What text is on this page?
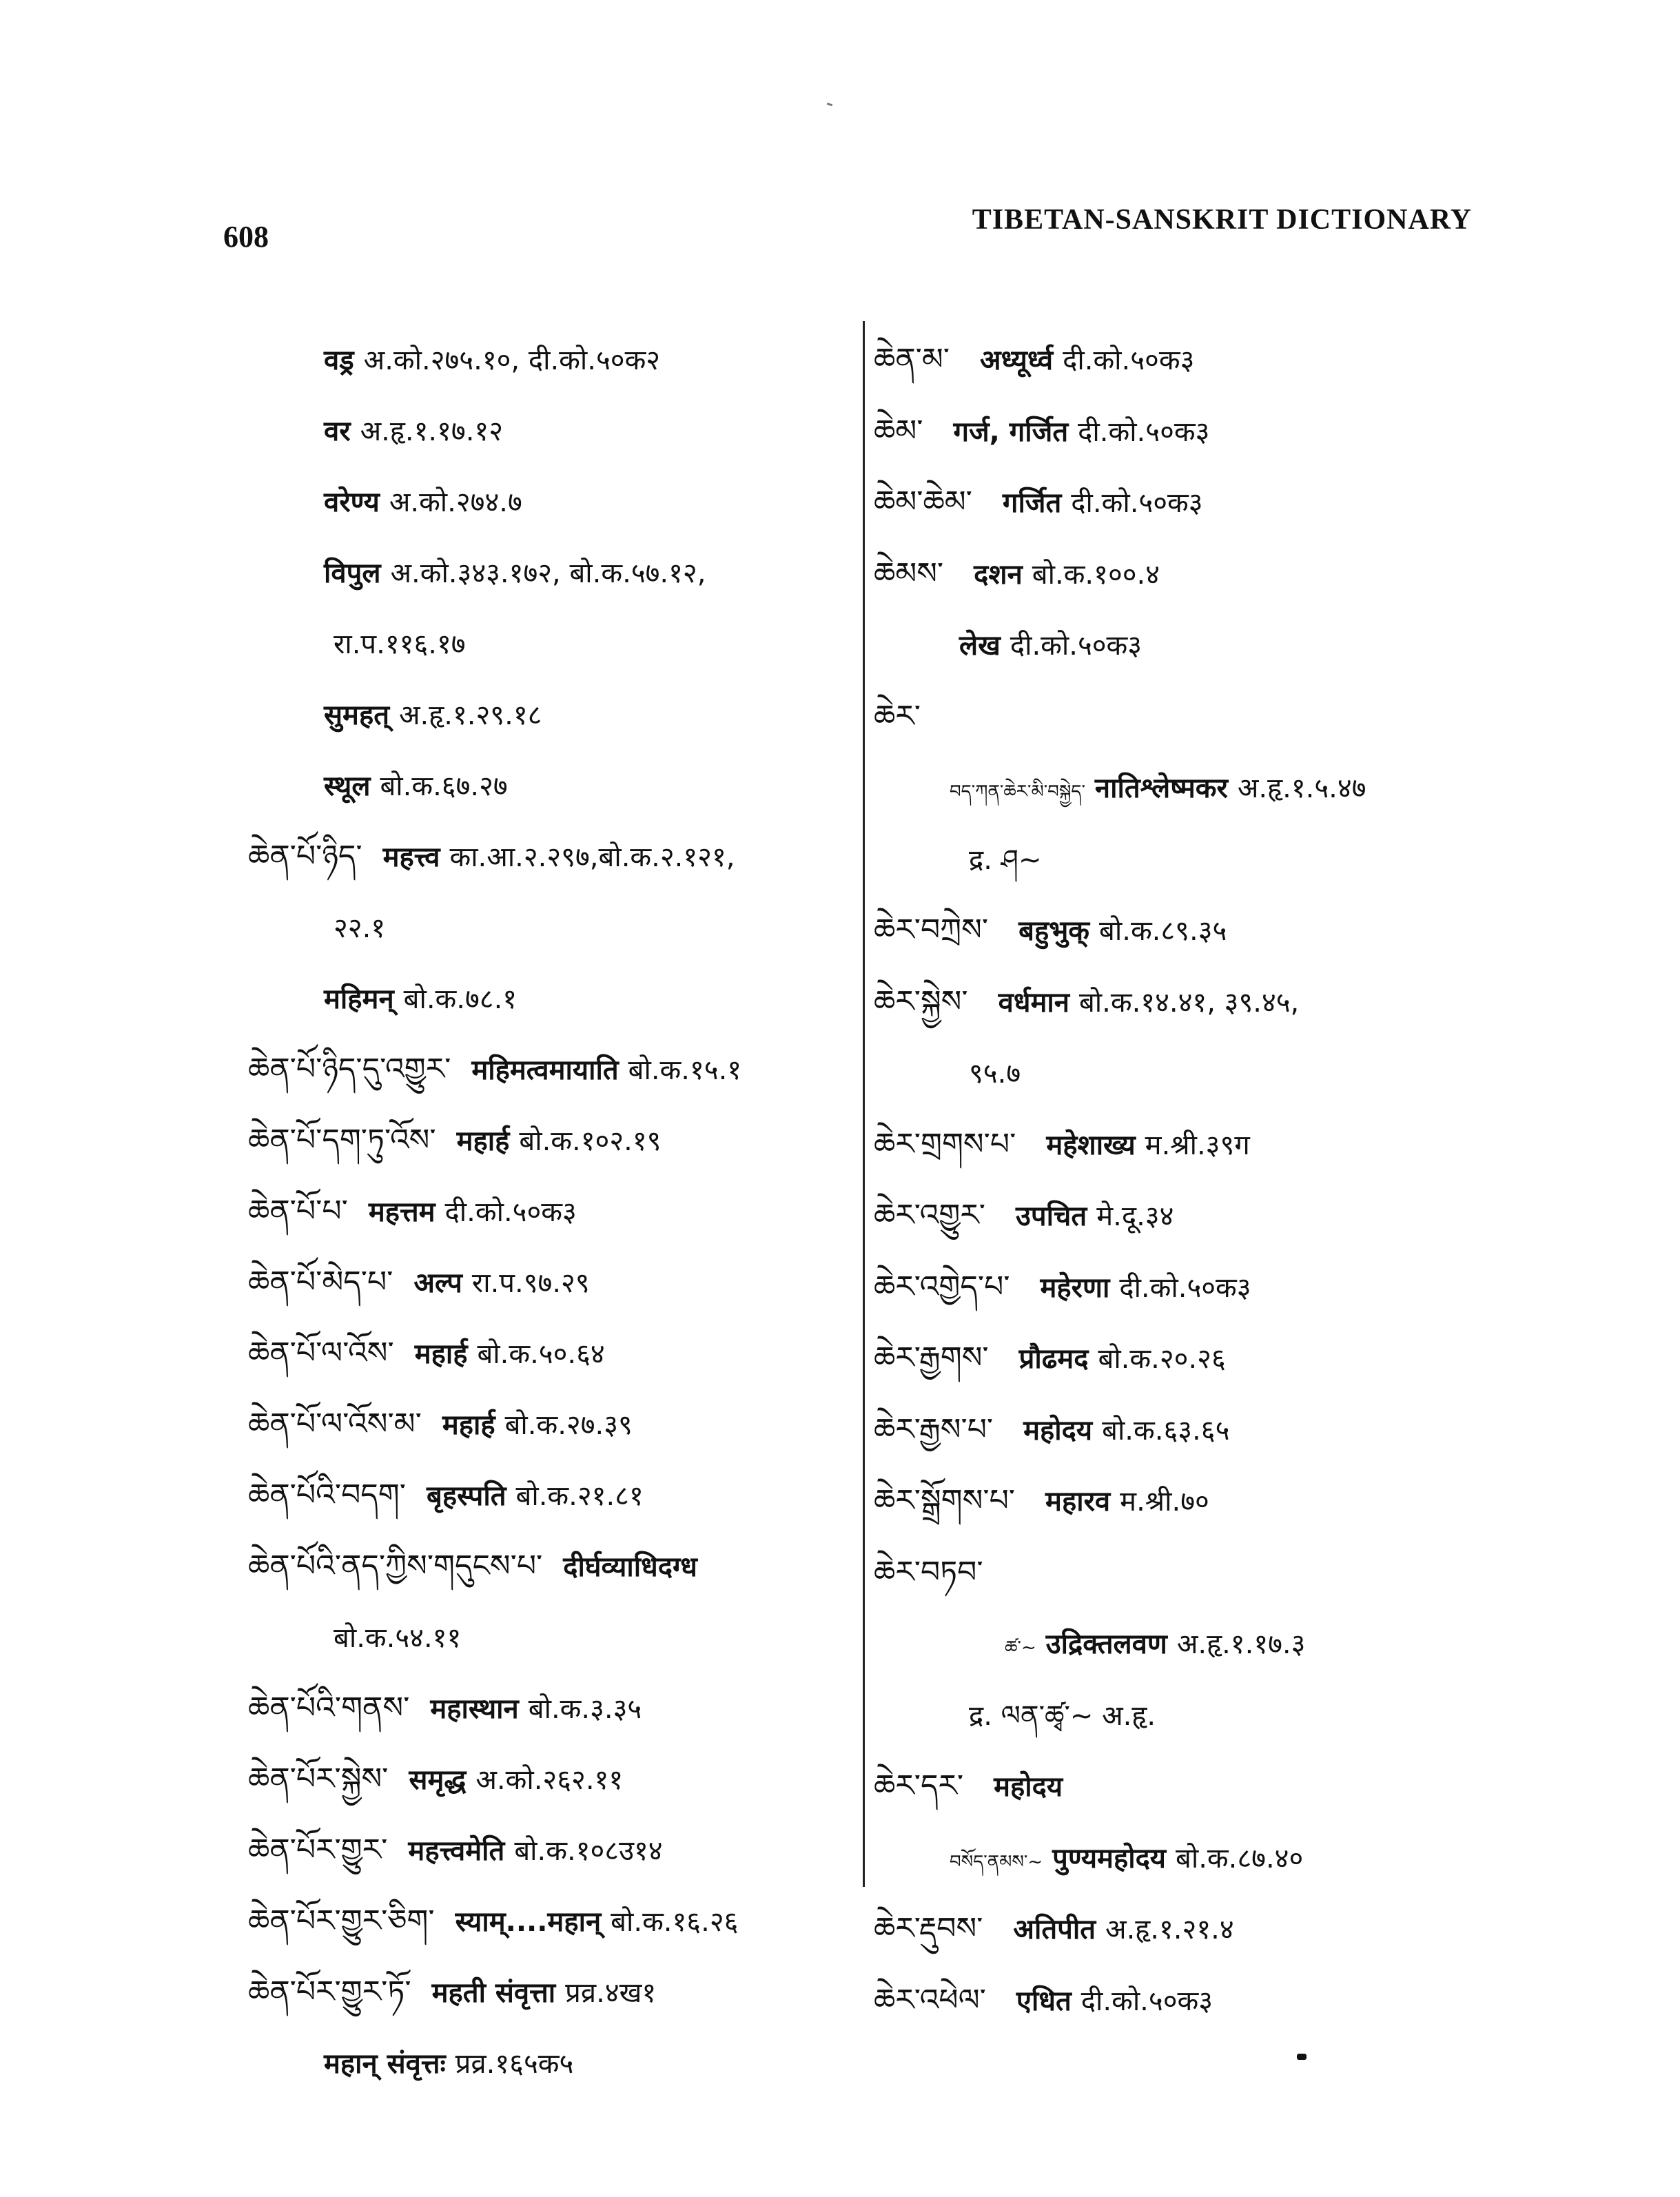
608	TIBETAN-SANSKRIT DICTIONARY
वड्र अ.को.२७५.१०, दी.को.५०क२
वर अ.हृ.१.१७.१२
वरेण्य अ.को.२७४.७
विपुल अ.को.३४३.१७२, बो.क.५७.१२,
रा.प.११६.१७
सुमहत् अ.हृ.१.२९.१८
स्थूल बो.क.६७.२७
ཆེན་པོ་ཉིད་ महत्त्व का.आ.२.२९७,बो.क.२.१२१,
२२.१
महिमन् बो.क.७८.१
ཆེན་པོ་ཉིད་དུ་འགྱུར་ महिमत्वमायाति बो.क.१५.१
ཆེན་པོ་དག་ཏུ་འོས་ महार्ह बो.क.१०२.१९
ཆེན་པོ་པ་ महत्तम दी.को.५०क३
ཆེན་པོ་མེད་པ་ अल्प रा.प.९७.२९
ཆེན་པོ་ལ་འོས་ महार्ह बो.क.५०.६४
ཆེན་པོ་ལ་འོས་མ་ महार्ह बो.क.२७.३९
ཆེན་པོའི་བདག་ बृहस्पति बो.क.२१.८१
ཆེན་པོའི་ནད་ཀྱིས་གདུངས་པ་ दीर्घव्याधिदग्ध
बो.क.५४.११
ཆེན་པོའི་གནས་ महास्थान बो.क.३.३५
ཆེན་པོར་སྐྱེས་ समृद्ध अ.को.२६२.११
ཆེན་པོར་གྱུར་ महत्त्वमेति बो.क.१०८उ१४
ཆེན་པོར་གྱུར་ཅིག་ स्याम्....महान् बो.क.१६.२६
ཆེན་པོར་གྱུར་ཏོ་ महती संवृत्ता प्रव्र.४ख१
महान् संवृत्तः प्रव्र.१६५क५
ཆེན་མ་ अध्यूर्ध्व दी.को.५०क३
ཆེམ་ गर्ज, गर्जित दी.को.५०क३
ཆེམ་ཆེམ་ गर्जित दी.को.५०क३
ཆེམས་ दशन बो.क.१००.४
लेख दी.को.५०क३
ཆེར་
བད་ཀན་ཆེར་མི་བསྐྱེད་ नातिश्लेष्मकर अ.हृ.१.५.४७
द्र. ཤ~
ཆེར་བཀྲེས་ बहुभुक् बो.क.८९.३५
ཆེར་སྐྱེས་ वर्धमान बो.क.१४.४१, ३९.४५,
९५.७
ཆེར་གྲགས་པ་ महेशाख्य म.श्री.३९ग
ཆེར་འགྱུར་ उपचित मे.दू.३४
ཆེར་འགྱེད་པ་ महेरणा दी.को.५०क३
ཆེར་རྒྱགས་ प्रौढमद बो.क.२०.२६
ཆེར་རྒྱས་པ་ महोदय बो.क.६३.६५
ཆེར་སྒྲོགས་པ་ महारव म.श्री.७०
ཆེར་བཏབ་
ཚ་~ उद्रिक्तलवण अ.हृ.१.१७.३
द्र. ལན་ཚྭ་~ अ.हृ.
ཆེར་དར་ महोदय
བསོད་ནམས་~ पुण्यमहोदय बो.क.८७.४०
ཆེར་རྡུབས་ अतिपीत अ.हृ.१.२१.४
ཆེར་འཕེལ་ एधित दी.को.५०क३
